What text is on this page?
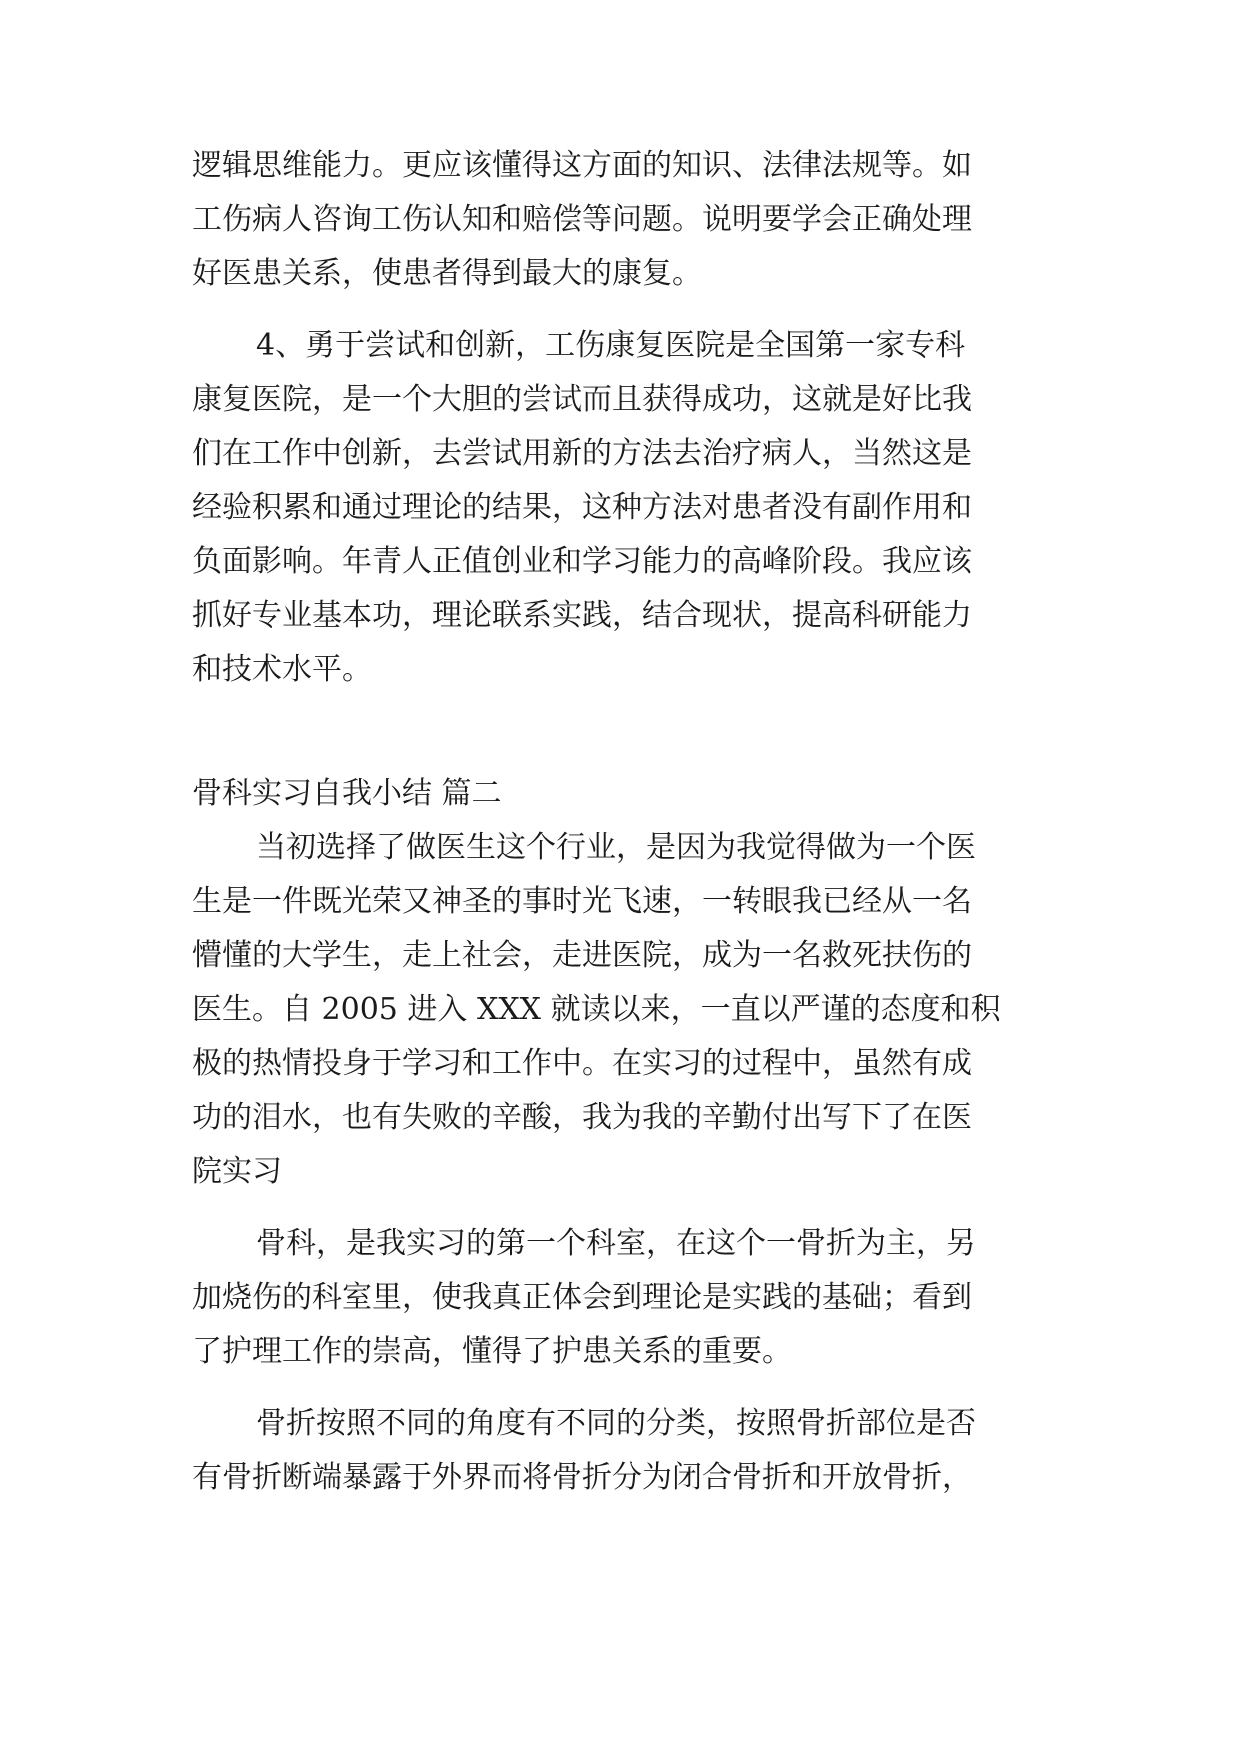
逻辑思维能力。更应该懂得这方面的知识、法律法规等。如
工伤病人咨询工伤认知和赔偿等问题。说明要学会正确处理
好医患关系，使患者得到最大的康复。
4、勇于尝试和创新，工伤康复医院是全国第一家专科
康复医院，是一个大胆的尝试而且获得成功，这就是好比我
们在工作中创新，去尝试用新的方法去治疗病人，当然这是
经验积累和通过理论的结果，这种方法对患者没有副作用和
负面影响。年青人正值创业和学习能力的高峰阶段。我应该
抓好专业基本功，理论联系实践，结合现状，提高科研能力
和技术水平。
骨科实习自我小结 篇二
当初选择了做医生这个行业，是因为我觉得做为一个医
生是一件既光荣又神圣的事时光飞速，一转眼我已经从一名
懵懂的大学生，走上社会，走进医院，成为一名救死扶伤的
医生。自 2005 进入 XXX 就读以来，一直以严谨的态度和积
极的热情投身于学习和工作中。在实习的过程中，虽然有成
功的泪水，也有失败的辛酸，我为我的辛勤付出写下了在医
院实习
骨科，是我实习的第一个科室，在这个一骨折为主，另
加烧伤的科室里，使我真正体会到理论是实践的基础；看到
了护理工作的崇高，懂得了护患关系的重要。
骨折按照不同的角度有不同的分类，按照骨折部位是否
有骨折断端暴露于外界而将骨折分为闭合骨折和开放骨折，
